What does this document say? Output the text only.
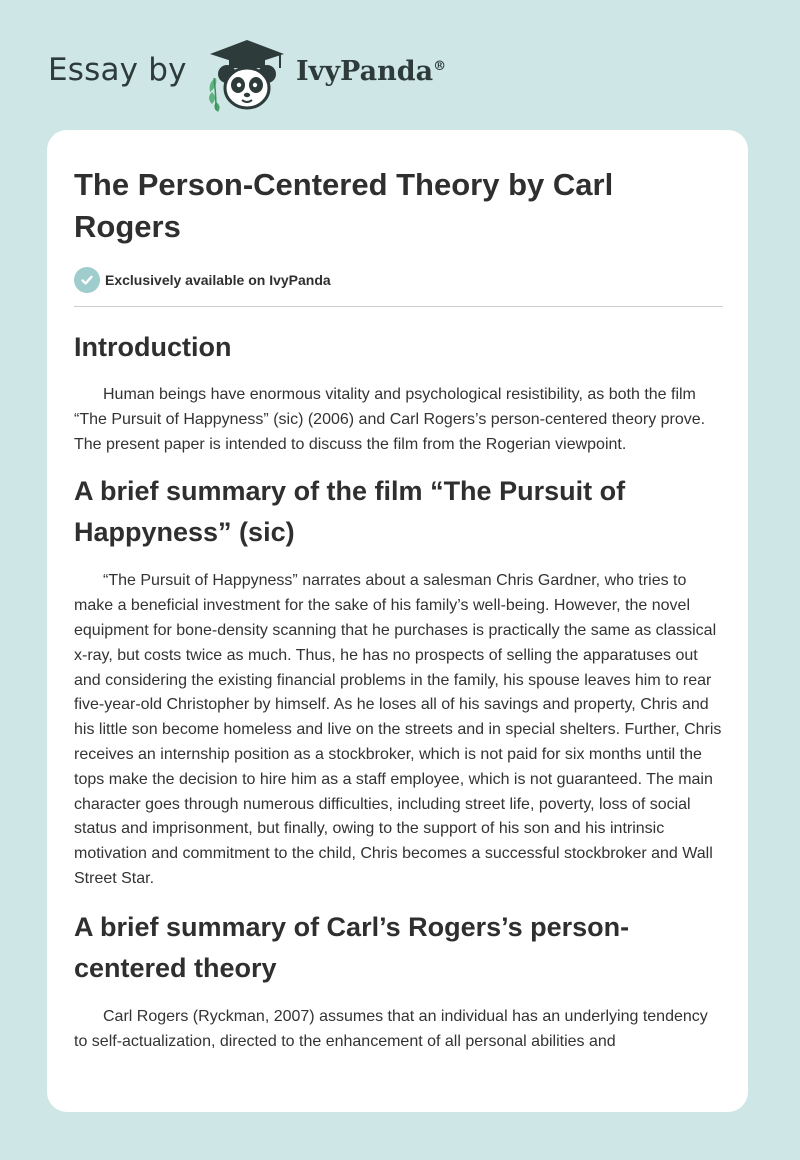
Essay by	IvyPanda®
The Person-Centered Theory by Carl Rogers
Exclusively available on IvyPanda
Introduction

Human beings have enormous vitality and psychological resistibility, as both the film “The Pursuit of Happyness” (sic) (2006) and Carl Rogers’s person-centered theory prove. The present paper is intended to discuss the film from the Rogerian viewpoint.

A brief summary of the film “The Pursuit of Happyness” (sic)

“The Pursuit of Happyness” narrates about a salesman Chris Gardner, who tries to make a beneficial investment for the sake of his family’s well-being. However, the novel equipment for bone-density scanning that he purchases is practically the same as classical x-ray, but costs twice as much. Thus, he has no prospects of selling the apparatuses out and considering the existing financial problems in the family, his spouse leaves him to rear five-year-old Christopher by himself. As he loses all of his savings and property, Chris and his little son become homeless and live on the streets and in special shelters. Further, Chris receives an internship position as a stockbroker, which is not paid for six months until the tops make the decision to hire him as a staff employee, which is not guaranteed. The main character goes through numerous difficulties, including street life, poverty, loss of social status and imprisonment, but finally, owing to the support of his son and his intrinsic motivation and commitment to the child, Chris becomes a successful stockbroker and Wall Street Star.

A brief summary of Carl’s Rogers’s person-centered theory

Carl Rogers (Ryckman, 2007) assumes that an individual has an underlying tendency to self-actualization, directed to the enhancement of all personal abilities and
